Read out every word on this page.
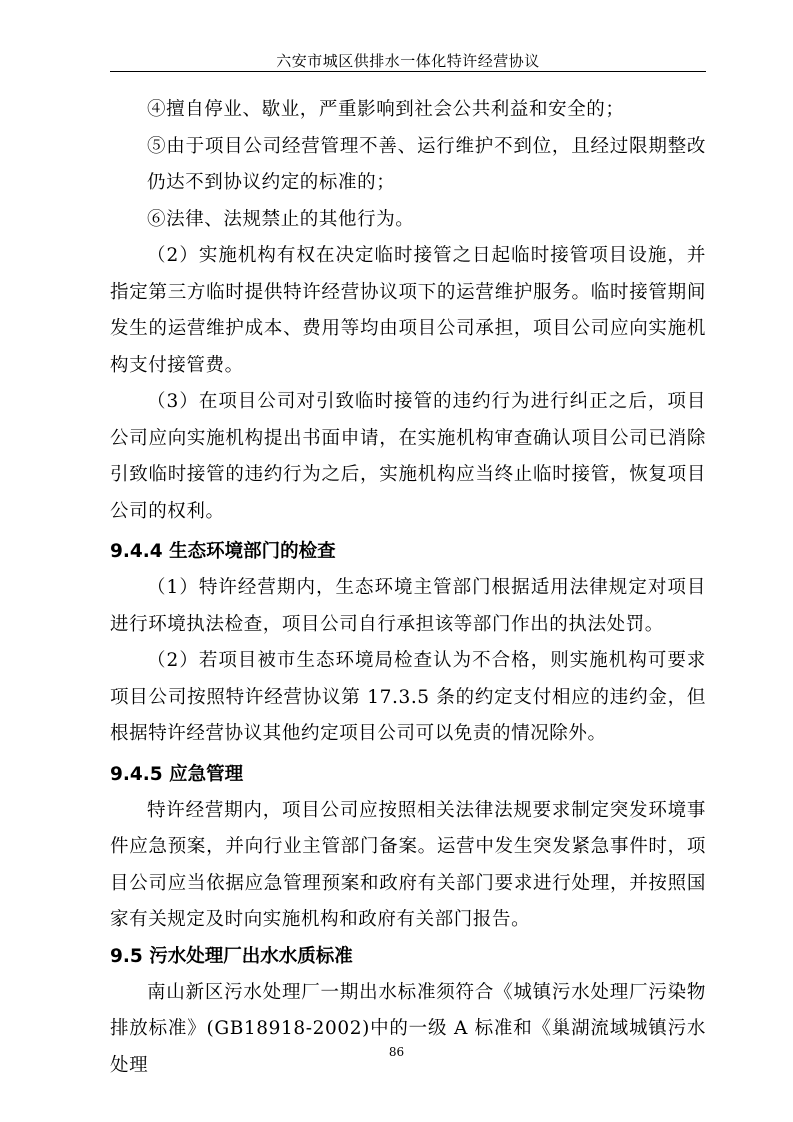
六安市城区供排水一体化特许经营协议

④擅自停业、歇业，严重影响到社会公共利益和安全的；

⑤由于项目公司经营管理不善、运行维护不到位，且经过限期整改仍达不到协议约定的标准的；

⑥法律、法规禁止的其他行为。

（2）实施机构有权在决定临时接管之日起临时接管项目设施，并指定第三方临时提供特许经营协议项下的运营维护服务。临时接管期间发生的运营维护成本、费用等均由项目公司承担，项目公司应向实施机构支付接管费。

（3）在项目公司对引致临时接管的违约行为进行纠正之后，项目公司应向实施机构提出书面申请，在实施机构审查确认项目公司已消除引致临时接管的违约行为之后，实施机构应当终止临时接管，恢复项目公司的权利。

9.4.4 生态环境部门的检查

（1）特许经营期内，生态环境主管部门根据适用法律规定对项目进行环境执法检查，项目公司自行承担该等部门作出的执法处罚。

（2）若项目被市生态环境局检查认为不合格，则实施机构可要求项目公司按照特许经营协议第 17.3.5 条的约定支付相应的违约金，但根据特许经营协议其他约定项目公司可以免责的情况除外。

9.4.5 应急管理

特许经营期内，项目公司应按照相关法律法规要求制定突发环境事件应急预案，并向行业主管部门备案。运营中发生突发紧急事件时，项目公司应当依据应急管理预案和政府有关部门要求进行处理，并按照国家有关规定及时向实施机构和政府有关部门报告。

9.5 污水处理厂出水水质标准

南山新区污水处理厂一期出水标准须符合《城镇污水处理厂污染物排放标准》(GB18918-2002)中的一级 A 标准和《巢湖流域城镇污水处理

86
